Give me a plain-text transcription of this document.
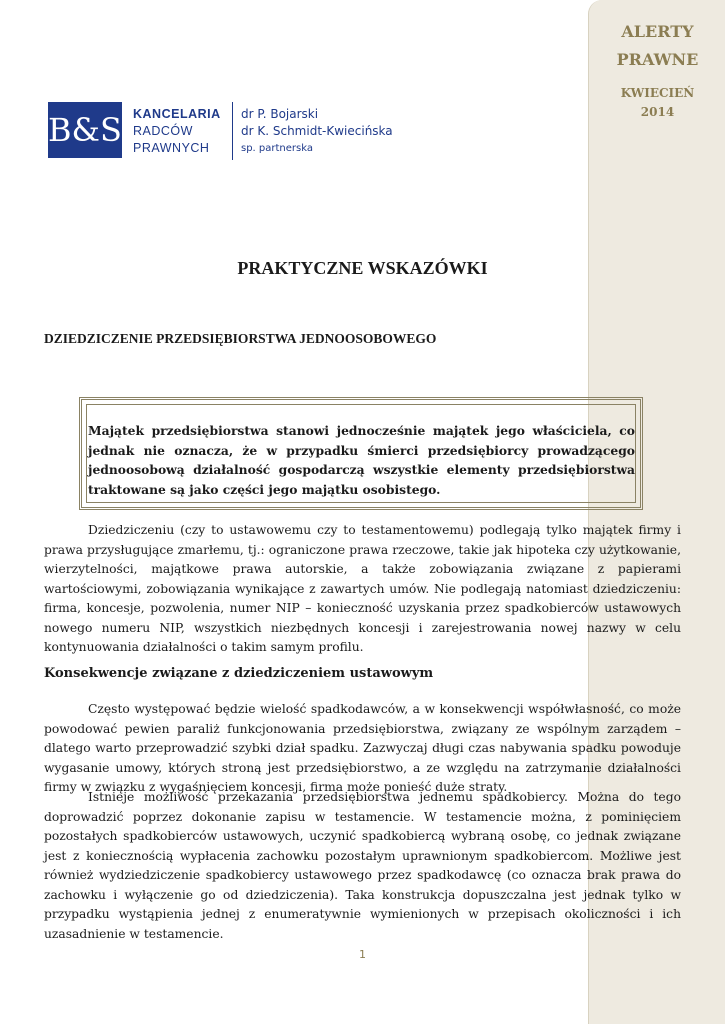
ALERTY
PRAWNE
KWIECIEŃ
2014
B&S KANCELARIA
RADCÓW
PRAWNYCH
dr P. Bojarski
dr K. Schmidt-Kwiecińska
sp. partnerska
PRAKTYCZNE WSKAZÓWKI
DZIEDZICZENIE PRZEDSIĘBIORSTWA JEDNOOSOBOWEGO
Majątek przedsiębiorstwa stanowi jednocześnie majątek jego właściciela, co jednak nie oznacza, że w przypadku śmierci przedsiębiorcy prowadzącego jednoosobową działalność gospodarczą wszystkie elementy przedsiębiorstwa traktowane są jako części jego majątku osobistego.

Dziedziczeniu (czy to ustawowemu czy to testamentowemu) podlegają tylko majątek firmy i prawa przysługujące zmarłemu, tj.: ograniczone prawa rzeczowe, takie jak hipoteka czy użytkowanie, wierzytelności, majątkowe prawa autorskie, a także zobowiązania związane z papierami wartościowymi, zobowiązania wynikające z zawartych umów. Nie podlegają natomiast dziedziczeniu: firma, koncesje, pozwolenia, numer NIP – konieczność uzyskania przez spadkobierców ustawowych nowego numeru NIP, wszystkich niezbędnych koncesji i zarejestrowania nowej nazwy w celu kontynuowania działalności o takim samym profilu.

Konsekwencje związane z dziedziczeniem ustawowym

Często występować będzie wielość spadkodawców, a w konsekwencji współwłasność, co może powodować pewien paraliż funkcjonowania przedsiębiorstwa, związany ze wspólnym zarządem – dlatego warto przeprowadzić szybki dział spadku. Zazwyczaj długi czas nabywania spadku powoduje wygasanie umowy, których stroną jest przedsiębiorstwo, a ze względu na zatrzymanie działalności firmy w związku z wygaśnięciem koncesji, firma może ponieść duże straty.

Istnieje możliwość przekazania przedsiębiorstwa jednemu spadkobiercy. Można do tego doprowadzić poprzez dokonanie zapisu w testamencie. W testamencie można, z pominięciem pozostałych spadkobierców ustawowych, uczynić spadkobiercą wybraną osobę, co jednak związane jest z koniecznością wypłacenia zachowku pozostałym uprawnionym spadkobiercom. Możliwe jest również wydziedziczenie spadkobiercy ustawowego przez spadkodawcę (co oznacza brak prawa do zachowku i wyłączenie go od dziedziczenia). Taka konstrukcja dopuszczalna jest jednak tylko w przypadku wystąpienia jednej z enumeratywnie wymienionych w przepisach okoliczności i ich uzasadnienie w testamencie.

1
